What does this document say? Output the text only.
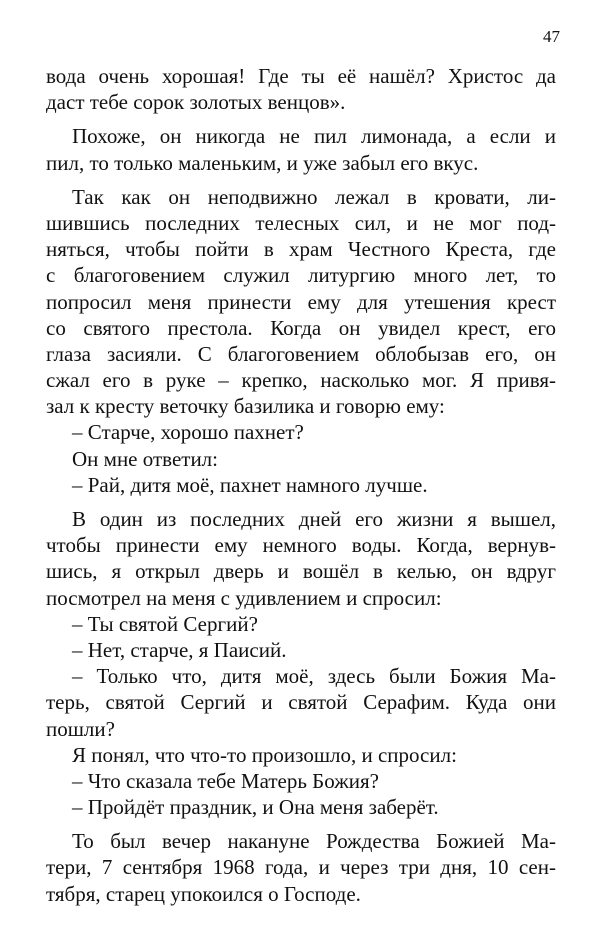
47
вода очень хорошая! Где ты её нашёл? Христос да
даст тебе сорок золотых венцов».
Похоже, он никогда не пил лимонада, а если и
пил, то только маленьким, и уже забыл его вкус.
Так как он неподвижно лежал в кровати, ли-
шившись последних телесных сил, и не мог под-
няться, чтобы пойти в храм Честного Креста, где
с благоговением служил литургию много лет, то
попросил меня принести ему для утешения крест
со святого престола. Когда он увидел крест, его
глаза засияли. С благоговением облобызав его, он
сжал его в руке – крепко, насколько мог. Я привя-
зал к кресту веточку базилика и говорю ему:
– Старче, хорошо пахнет?
Он мне ответил:
– Рай, дитя моё, пахнет намного лучше.
В один из последних дней его жизни я вышел,
чтобы принести ему немного воды. Когда, вернув-
шись, я открыл дверь и вошёл в келью, он вдруг
посмотрел на меня с удивлением и спросил:
– Ты святой Сергий?
– Нет, старче, я Паисий.
– Только что, дитя моё, здесь были Божия Ма-
терь, святой Сергий и святой Серафим. Куда они
пошли?
Я понял, что что-то произошло, и спросил:
– Что сказала тебе Матерь Божия?
– Пройдёт праздник, и Она меня заберёт.
То был вечер накануне Рождества Божией Ма-
тери, 7 сентября 1968 года, и через три дня, 10 сен-
тября, старец упокоился о Господе.
